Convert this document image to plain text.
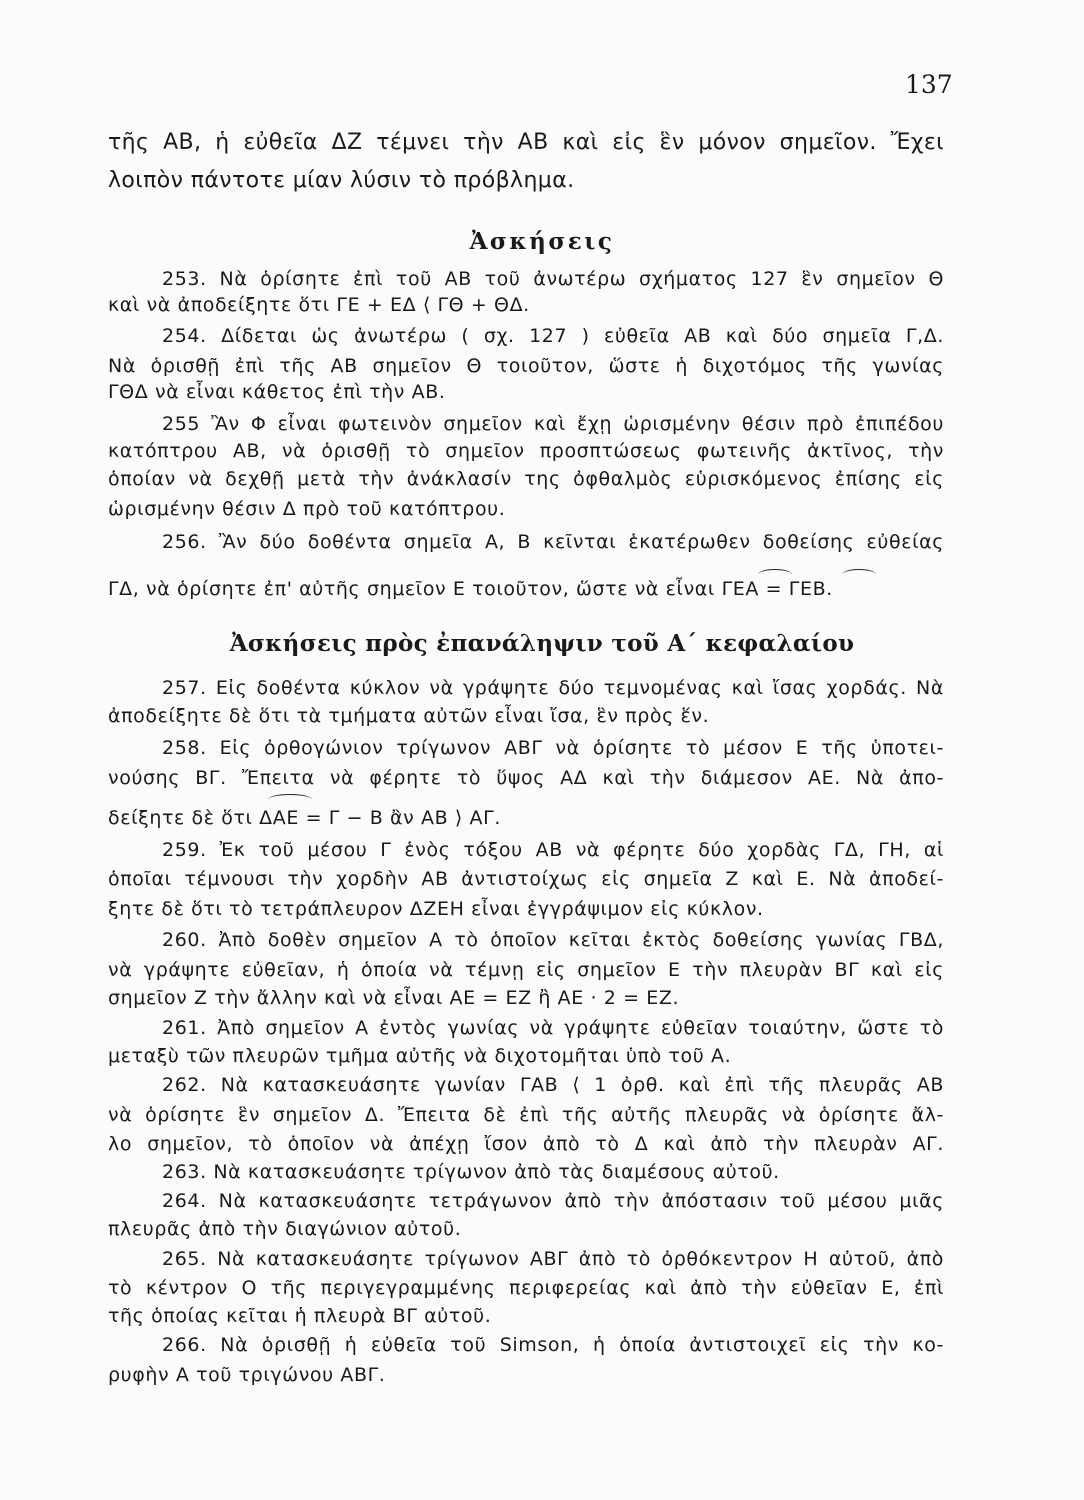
137
τῆς ΑΒ, ἡ εὐθεῖα ΔΖ τέμνει τὴν ΑΒ καὶ εἰς ἓν μόνον σημεῖον. Ἔχει
λοιπὸν πάντοτε μίαν λύσιν τὸ πρόβλημα.
Ἀσκήσεις
253. Νὰ ὁρίσητε ἐπὶ τοῦ ΑΒ τοῦ ἀνωτέρω σχήματος 127 ἓν σημεῖον Θ
καὶ νὰ ἀποδείξητε ὅτι ΓΕ + ΕΔ ⟨ ΓΘ + ΘΔ.
254. Δίδεται ὡς ἀνωτέρω ( σχ. 127 ) εὐθεῖα ΑΒ καὶ δύο σημεῖα Γ,Δ.
Νὰ ὁρισθῇ ἐπὶ τῆς ΑΒ σημεῖον Θ τοιοῦτον, ὥστε ἡ διχοτόμος τῆς γωνίας
ΓΘΔ νὰ εἶναι κάθετος ἐπὶ τὴν ΑΒ.
255 Ἂν Φ εἶναι φωτεινὸν σημεῖον καὶ ἔχῃ ὡρισμένην θέσιν πρὸ ἐπιπέδου
κατόπτρου ΑΒ, νὰ ὁρισθῇ τὸ σημεῖον προσπτώσεως φωτεινῆς ἀκτῖνος, τὴν
ὁποίαν νὰ δεχθῇ μετὰ τὴν ἀνάκλασίν της ὀφθαλμὸς εὑρισκόμενος ἐπίσης εἰς
ὡρισμένην θέσιν Δ πρὸ τοῦ κατόπτρου.
256. Ἂν δύο δοθέντα σημεῖα Α, Β κεῖνται ἑκατέρωθεν δοθείσης εὐθείας
ΓΔ, νὰ ὁρίσητε ἐπ' αὐτῆς σημεῖον Ε τοιοῦτον, ὥστε νὰ εἶναι ΓΕΑ = ΓΕΒ.
Ἀσκήσεις πρὸς ἐπανάληψιν τοῦ Α΄ κεφαλαίου
257. Εἰς δοθέντα κύκλον νὰ γράψητε δύο τεμνομένας καὶ ἴσας χορδάς. Νὰ
ἀποδείξητε δὲ ὅτι τὰ τμήματα αὐτῶν εἶναι ἴσα, ἓν πρὸς ἕν.
258. Εἰς ὀρθογώνιον τρίγωνον ΑΒΓ νὰ ὁρίσητε τὸ μέσον Ε τῆς ὑποτει-
νούσης ΒΓ. Ἔπειτα νὰ φέρητε τὸ ὕψος ΑΔ καὶ τὴν διάμεσον ΑΕ. Νὰ ἀπο-
δείξητε δὲ ὅτι ΔΑΕ = Γ − Β ἂν ΑΒ ⟩ ΑΓ.
259. Ἐκ τοῦ μέσου Γ ἑνὸς τόξου ΑΒ νὰ φέρητε δύο χορδὰς ΓΔ, ΓΗ, αἱ
ὁποῖαι τέμνουσι τὴν χορδὴν ΑΒ ἀντιστοίχως εἰς σημεῖα Ζ καὶ Ε. Νὰ ἀποδεί-
ξητε δὲ ὅτι τὸ τετράπλευρον ΔΖΕΗ εἶναι ἐγγράψιμον εἰς κύκλον.
260. Ἀπὸ δοθὲν σημεῖον Α τὸ ὁποῖον κεῖται ἐκτὸς δοθείσης γωνίας ΓΒΔ,
νὰ γράψητε εὐθεῖαν, ἡ ὁποία νὰ τέμνῃ εἰς σημεῖον Ε τὴν πλευρὰν ΒΓ καὶ εἰς
σημεῖον Ζ τὴν ἄλλην καὶ νὰ εἶναι ΑΕ = ΕΖ ἢ ΑΕ · 2 = ΕΖ.
261. Ἀπὸ σημεῖον Α ἐντὸς γωνίας νὰ γράψητε εὐθεῖαν τοιαύτην, ὥστε τὸ
μεταξὺ τῶν πλευρῶν τμῆμα αὐτῆς νὰ διχοτομῆται ὑπὸ τοῦ Α.
262. Νὰ κατασκευάσητε γωνίαν ΓΑΒ ⟨ 1 ὀρθ. καὶ ἐπὶ τῆς πλευρᾶς ΑΒ
νὰ ὁρίσητε ἓν σημεῖον Δ. Ἔπειτα δὲ ἐπὶ τῆς αὐτῆς πλευρᾶς νὰ ὁρίσητε ἄλ-
λο σημεῖον, τὸ ὁποῖον νὰ ἀπέχῃ ἴσον ἀπὸ τὸ Δ καὶ ἀπὸ τὴν πλευρὰν ΑΓ.
263. Νὰ κατασκευάσητε τρίγωνον ἀπὸ τὰς διαμέσους αὐτοῦ.
264. Νὰ κατασκευάσητε τετράγωνον ἀπὸ τὴν ἀπόστασιν τοῦ μέσου μιᾶς
πλευρᾶς ἀπὸ τὴν διαγώνιον αὐτοῦ.
265. Νὰ κατασκευάσητε τρίγωνον ΑΒΓ ἀπὸ τὸ ὀρθόκεντρον Η αὐτοῦ, ἀπὸ
τὸ κέντρον Ο τῆς περιγεγραμμένης περιφερείας καὶ ἀπὸ τὴν εὐθεῖαν Ε, ἐπὶ
τῆς ὁποίας κεῖται ἡ πλευρὰ ΒΓ αὐτοῦ.
266. Νὰ ὁρισθῇ ἡ εὐθεῖα τοῦ Simson, ἡ ὁποία ἀντιστοιχεῖ εἰς τὴν κο-
ρυφὴν Α τοῦ τριγώνου ΑΒΓ.
